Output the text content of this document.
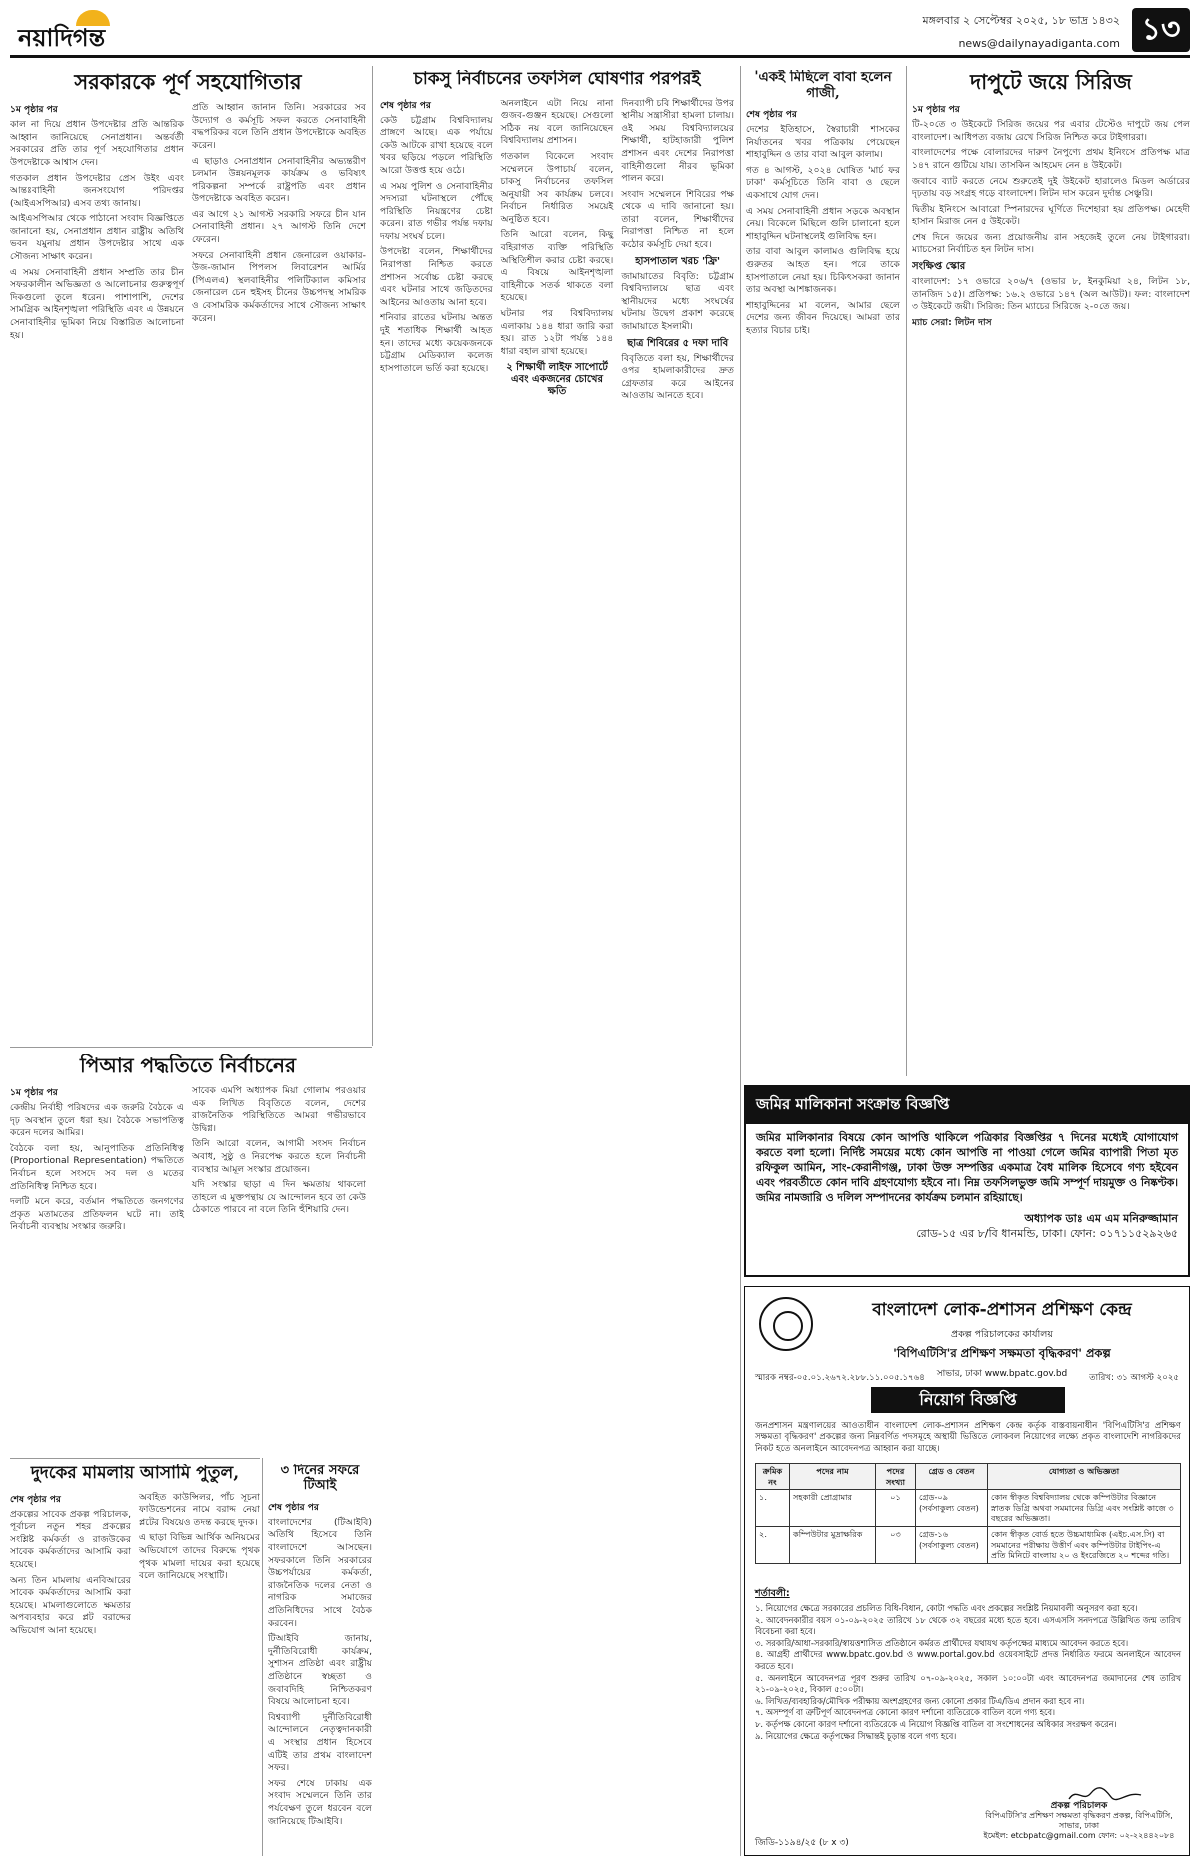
নয়াদিগন্ত
মঙ্গলবার ২ সেপ্টেম্বর ২০২৫, ১৮ ভাদ্র ১৪৩২
news@dailynayadiganta.com ১৩
সরকারকে পূর্ণ সহযোগিতার
১ম পৃষ্ঠার পর

কাল না দিয়ে প্রধান উপদেষ্টার প্রতি আন্তরিক আহ্বান জানিয়েছে সেনাপ্রধান। অন্তর্বর্তী সরকারের প্রতি তার পূর্ণ সহযোগিতার প্রধান উপদেষ্টাকে আশ্বাস দেন।

গতকাল প্রধান উপদেষ্টার প্রেস উইং এবং আন্তঃবাহিনী জনসংযোগ পরিদপ্তর (আইএসপিআর) এসব তথ্য জানায়।

আইএসপিআর থেকে পাঠানো সংবাদ বিজ্ঞপ্তিতে জানানো হয়, সেনাপ্রধান প্রধান রাষ্ট্রীয় অতিথি ভবন যমুনায় প্রধান উপদেষ্টার সাথে এক সৌজন্য সাক্ষাৎ করেন।

এ সময় সেনাবাহিনী প্রধান সম্প্রতি তার চীন সফরকালীন অভিজ্ঞতা ও আলোচনার গুরুত্বপূর্ণ দিকগুলো তুলে ধরেন। পাশাপাশি, দেশের সামগ্রিক আইনশৃঙ্খলা পরিস্থিতি এবং এ উন্নয়নে সেনাবাহিনীর ভূমিকা নিয়ে বিস্তারিত আলোচনা হয়।

প্রতি আহ্বান জানান তিনি। সরকারের সব উদ্যোগ ও কর্মসূচি সফল করতে সেনাবাহিনী বদ্ধপরিকর বলে তিনি প্রধান উপদেষ্টাকে অবহিত করেন।

এ ছাড়াও সেনাপ্রধান সেনাবাহিনীর অভ্যন্তরীণ চলমান উন্নয়নমূলক কার্যক্রম ও ভবিষ্যৎ পরিকল্পনা সম্পর্কে রাষ্ট্রপতি এবং প্রধান উপদেষ্টাকে অবহিত করেন।

এর আগে ২১ আগস্ট সরকারি সফরে চীন যান সেনাবাহিনী প্রধান। ২৭ আগস্ট তিনি দেশে ফেরেন।

সফরে সেনাবাহিনী প্রধান জেনারেল ওয়াকার-উজ-জামান পিপলস লিবারেশন আর্মির (পিএলএ) স্থলবাহিনীর পলিটিক্যাল কমিসার জেনারেল চেন হুইসহ চীনের উচ্চপদস্থ সামরিক ও বেসামরিক কর্মকর্তাদের সাথে সৌজন্য সাক্ষাৎ করেন।

চাকসু নির্বাচনের তফসিল ঘোষণার পরপরই
শেষ পৃষ্ঠার পর

কেউ চট্টগ্রাম বিশ্ববিদ্যালয় প্রাঙ্গণে আছে। এক পর্যায়ে কেউ আটকে রাখা হয়েছে বলে খবর ছড়িয়ে পড়লে পরিস্থিতি আরো উত্তপ্ত হয়ে ওঠে।

এ সময় পুলিশ ও সেনাবাহিনীর সদস্যরা ঘটনাস্থলে পৌঁছে পরিস্থিতি নিয়ন্ত্রণের চেষ্টা করেন। রাত গভীর পর্যন্ত দফায় দফায় সংঘর্ষ চলে।

উপদেষ্টা বলেন, শিক্ষার্থীদের নিরাপত্তা নিশ্চিত করতে প্রশাসন সর্বোচ্চ চেষ্টা করছে এবং ঘটনার সাথে জড়িতদের আইনের আওতায় আনা হবে।

শনিবার রাতের ঘটনায় অন্তত দুই শতাধিক শিক্ষার্থী আহত হন। তাদের মধ্যে কয়েকজনকে চট্টগ্রাম মেডিক্যাল কলেজ হাসপাতালে ভর্তি করা হয়েছে।

অনলাইনে এটা নিয়ে নানা গুজব-গুঞ্জন হয়েছে। সেগুলো সঠিক নয় বলে জানিয়েছেন বিশ্ববিদ্যালয় প্রশাসন।

গতকাল বিকেলে সংবাদ সম্মেলনে উপাচার্য বলেন, চাকসু নির্বাচনের তফসিল অনুযায়ী সব কার্যক্রম চলবে। নির্বাচন নির্ধারিত সময়েই অনুষ্ঠিত হবে।

তিনি আরো বলেন, কিছু বহিরাগত ব্যক্তি পরিস্থিতি অস্থিতিশীল করার চেষ্টা করছে। এ বিষয়ে আইনশৃঙ্খলা বাহিনীকে সতর্ক থাকতে বলা হয়েছে।

ঘটনার পর বিশ্ববিদ্যালয় এলাকায় ১৪৪ ধারা জারি করা হয়। রাত ১২টা পর্যন্ত ১৪৪ ধারা বহাল রাখা হয়েছে।

২ শিক্ষার্থী লাইফ সাপোর্টে এবং একজনের চোখের ক্ষতি

দিনব্যাপী চবি শিক্ষার্থীদের উপর স্থানীয় সন্ত্রাসীরা হামলা চালায়। ওই সময় বিশ্ববিদ্যালয়ের শিক্ষার্থী, হাটহাজারী পুলিশ প্রশাসন এবং দেশের নিরাপত্তা বাহিনীগুলো নীরব ভূমিকা পালন করে।

সংবাদ সম্মেলনে শিবিরের পক্ষ থেকে এ দাবি জানানো হয়। তারা বলেন, শিক্ষার্থীদের নিরাপত্তা নিশ্চিত না হলে কঠোর কর্মসূচি দেয়া হবে।

হাসপাতাল খরচ 'ফ্রি'

জামায়াতের বিবৃতি: চট্টগ্রাম বিশ্ববিদ্যালয়ে ছাত্র এবং স্থানীয়দের মধ্যে সংঘর্ষের ঘটনায় উদ্বেগ প্রকাশ করেছে জামায়াতে ইসলামী।

ছাত্র শিবিরের ৫ দফা দাবি

বিবৃতিতে বলা হয়, শিক্ষার্থীদের ওপর হামলাকারীদের দ্রুত গ্রেফতার করে আইনের আওতায় আনতে হবে।

'একই মিছিলে বাবা হলেন গাজী,
শেষ পৃষ্ঠার পর

দেশের ইতিহাসে, স্বৈরাচারী শাসকের নির্যাতনের খবর পত্রিকায় পেয়েছেন শাহাবুদ্দিন ও তার বাবা আবুল কালাম।

গত ৪ আগস্ট, ২০২৪ ঘোষিত 'মার্চ ফর ঢাকা' কর্মসূচিতে তিনি বাবা ও ছেলে একসাথে যোগ দেন।

এ সময় সেনাবাহিনী প্রধান সড়কে অবস্থান নেয়। বিকেলে মিছিলে গুলি চালানো হলে শাহাবুদ্দিন ঘটনাস্থলেই গুলিবিদ্ধ হন।

তার বাবা আবুল কালামও গুলিবিদ্ধ হয়ে গুরুতর আহত হন। পরে তাকে হাসপাতালে নেয়া হয়। চিকিৎসকরা জানান তার অবস্থা আশঙ্কাজনক।

শাহাবুদ্দিনের মা বলেন, আমার ছেলে দেশের জন্য জীবন দিয়েছে। আমরা তার হত্যার বিচার চাই।

দাপুটে জয়ে সিরিজ
১ম পৃষ্ঠার পর

টি-২০তে ৩ উইকেটে সিরিজ জয়ের পর এবার টেস্টেও দাপুটে জয় পেল বাংলাদেশ। আধিপত্য বজায় রেখে সিরিজ নিশ্চিত করে টাইগাররা।

বাংলাদেশের পক্ষে বোলারদের দারুণ নৈপুণ্যে প্রথম ইনিংসে প্রতিপক্ষ মাত্র ১৪৭ রানে গুটিয়ে যায়। তাসকিন আহমেদ নেন ৪ উইকেট।

জবাবে ব্যাট করতে নেমে শুরুতেই দুই উইকেট হারালেও মিডল অর্ডারের দৃঢ়তায় বড় সংগ্রহ গড়ে বাংলাদেশ। লিটন দাস করেন দুর্দান্ত সেঞ্চুরি।

দ্বিতীয় ইনিংসে আবারো স্পিনারদের ঘূর্ণিতে দিশেহারা হয় প্রতিপক্ষ। মেহেদী হাসান মিরাজ নেন ৫ উইকেট।

শেষ দিনে জয়ের জন্য প্রয়োজনীয় রান সহজেই তুলে নেয় টাইগাররা। ম্যাচসেরা নির্বাচিত হন লিটন দাস।

সংক্ষিপ্ত স্কোর

বাংলাদেশ: ১৭ ওভারে ২০৬/৭ (ওভার ৮, ইনকুমিয়া ২৪, লিটন ১৮, তানজিদ ১৫)। প্রতিপক্ষ: ১৬.২ ওভারে ১৪৭ (অল আউট)। ফল: বাংলাদেশ ৩ উইকেটে জয়ী। সিরিজ: তিন ম্যাচের সিরিজে ২-০তে জয়।

ম্যাচ সেরা: লিটন দাস

পিআর পদ্ধতিতে নির্বাচনের
১ম পৃষ্ঠার পর

কেন্দ্রীয় নির্বাহী পরিষদের এক জরুরি বৈঠকে এ দৃঢ় অবস্থান তুলে ধরা হয়। বৈঠকে সভাপতিত্ব করেন দলের আমির।

বৈঠকে বলা হয়, আনুপাতিক প্রতিনিধিত্ব (Proportional Representation) পদ্ধতিতে নির্বাচন হলে সংসদে সব দল ও মতের প্রতিনিধিত্ব নিশ্চিত হবে।

দলটি মনে করে, বর্তমান পদ্ধতিতে জনগণের প্রকৃত মতামতের প্রতিফলন ঘটে না। তাই নির্বাচনী ব্যবস্থায় সংস্কার জরুরি।

সাবেক এমপি অধ্যাপক মিয়া গোলাম পরওয়ার এক লিখিত বিবৃতিতে বলেন, দেশের রাজনৈতিক পরিস্থিতিতে আমরা গভীরভাবে উদ্বিগ্ন।

তিনি আরো বলেন, আগামী সংসদ নির্বাচন অবাধ, সুষ্ঠু ও নিরপেক্ষ করতে হলে নির্বাচনী ব্যবস্থার আমূল সংস্কার প্রয়োজন।

যদি সংস্কার ছাড়া এ দিন ক্ষমতায় থাকলো তাহলে এ মুক্তপন্থায় যে আন্দোলন হবে তা কেউ ঠেকাতে পারবে না বলে তিনি হুঁশিয়ারি দেন।

দুদকের মামলায় আসামি পুতুল,
শেষ পৃষ্ঠার পর

প্রকল্পের সাবেক প্রকল্প পরিচালক, পূর্বাচল নতুন শহর প্রকল্পের সংশ্লিষ্ট কর্মকর্তা ও রাজউকের সাবেক কর্মকর্তাদের আসামি করা হয়েছে।

অন্য তিন মামলায় এনবিআরের সাবেক কর্মকর্তাদের আসামি করা হয়েছে। মামলাগুলোতে ক্ষমতার অপব্যবহার করে প্লট বরাদ্দের অভিযোগ আনা হয়েছে।

অবহিত কাউন্সিলর, পাঁচ সূচনা ফাউন্ডেশনের নামে বরাদ্দ নেয়া প্লটের বিষয়েও তদন্ত করছে দুদক।

এ ছাড়া বিভিন্ন আর্থিক অনিয়মের অভিযোগে তাদের বিরুদ্ধে পৃথক পৃথক মামলা দায়ের করা হয়েছে বলে জানিয়েছে সংস্থাটি।

৩ দিনের সফরে টিআই
শেষ পৃষ্ঠার পর

বাংলাদেশের (টিআইবি) অতিথি হিসেবে তিনি বাংলাদেশে আসছেন। সফরকালে তিনি সরকারের উচ্চপর্যায়ের কর্মকর্তা, রাজনৈতিক দলের নেতা ও নাগরিক সমাজের প্রতিনিধিদের সাথে বৈঠক করবেন।

টিআইবি জানায়, দুর্নীতিবিরোধী কার্যক্রম, সুশাসন প্রতিষ্ঠা এবং রাষ্ট্রীয় প্রতিষ্ঠানে স্বচ্ছতা ও জবাবদিহি নিশ্চিতকরণ বিষয়ে আলোচনা হবে।

বিশ্বব্যাপী দুর্নীতিবিরোধী আন্দোলনে নেতৃত্বদানকারী এ সংস্থার প্রধান হিসেবে এটিই তার প্রথম বাংলাদেশ সফর।

সফর শেষে ঢাকায় এক সংবাদ সম্মেলনে তিনি তার পর্যবেক্ষণ তুলে ধরবেন বলে জানিয়েছে টিআইবি।

জমির মালিকানা সংক্রান্ত বিজ্ঞপ্তি
জমির মালিকানার বিষয়ে কোন আপত্তি থাকিলে পত্রিকার বিজ্ঞপ্তির ৭ দিনের মধ্যেই যোগাযোগ করতে বলা হলো। নির্দিষ্ট সময়ের মধ্যে কোন আপত্তি না পাওয়া গেলে জমির ব্যাপারী পিতা মৃত রফিকুল আমিন, সাং-কেরানীগঞ্জ, ঢাকা উক্ত সম্পত্তির একমাত্র বৈধ মালিক হিসেবে গণ্য হইবেন এবং পরবর্তীতে কোন দাবি গ্রহণযোগ্য হইবে না। নিম্ন তফসিলভুক্ত জমি সম্পূর্ণ দায়মুক্ত ও নিষ্কণ্টক। জমির নামজারি ও দলিল সম্পাদনের কার্যক্রম চলমান রহিয়াছে।
অধ্যাপক ডাঃ এম এম মনিরুজ্জামান
রোড-১৫ এর ৮/বি ধানমন্ডি, ঢাকা। ফোন: ০১৭১১৫২৯২৬৫
বাংলাদেশ লোক-প্রশাসন প্রশিক্ষণ কেন্দ্র
প্রকল্প পরিচালকের কার্যালয়
'বিপিএটিসি'র প্রশিক্ষণ সক্ষমতা বৃদ্ধিকরণ' প্রকল্প
সাভার, ঢাকা www.bpatc.gov.bd
স্মারক নম্বর-০৫.০১.২৬৭২.২৮৮.১১.০০৫.১৭৬৪	তারিখ: ৩১ আগস্ট ২০২৫
নিয়োগ বিজ্ঞপ্তি
জনপ্রশাসন মন্ত্রণালয়ের আওতাধীন বাংলাদেশ লোক-প্রশাসন প্রশিক্ষণ কেন্দ্র কর্তৃক বাস্তবায়নাধীন 'বিপিএটিসি'র প্রশিক্ষণ সক্ষমতা বৃদ্ধিকরণ' প্রকল্পের জন্য নিম্নবর্ণিত পদসমূহে অস্থায়ী ভিত্তিতে লোকবল নিয়োগের লক্ষ্যে প্রকৃত বাংলাদেশি নাগরিকদের নিকট হতে অনলাইনে আবেদনপত্র আহ্বান করা যাচ্ছে।
ক্রমিক নং	পদের নাম	পদের সংখ্যা	গ্রেড ও বেতন	যোগ্যতা ও অভিজ্ঞতা
১.	সহকারী প্রোগ্রামার	০১	গ্রেড-০৯ (সর্বসাকুল্য বেতন)	কোন স্বীকৃত বিশ্ববিদ্যালয় থেকে কম্পিউটার বিজ্ঞানে স্নাতক ডিগ্রি অথবা সমমানের ডিগ্রি এবং সংশ্লিষ্ট কাজে ৩ বছরের অভিজ্ঞতা।
২.	কম্পিউটার মুদ্রাক্ষরিক	০৩	গ্রেড-১৬ (সর্বসাকুল্য বেতন)	কোন স্বীকৃত বোর্ড হতে উচ্চমাধ্যমিক (এইচ.এস.সি) বা সমমানের পরীক্ষায় উত্তীর্ণ এবং কম্পিউটার টাইপিং-এ প্রতি মিনিটে বাংলায় ২০ ও ইংরেজিতে ২০ শব্দের গতি।
শর্তাবলী:
১. নিয়োগের ক্ষেত্রে সরকারের প্রচলিত বিধি-বিধান, কোটা পদ্ধতি এবং প্রকল্পের সংশ্লিষ্ট নিয়মাবলী অনুসরণ করা হবে।
২. আবেদনকারীর বয়স ০১-০৯-২০২৫ তারিখে ১৮ থেকে ৩২ বছরের মধ্যে হতে হবে। এসএসসি সনদপত্রে উল্লিখিত জন্ম তারিখ বিবেচনা করা হবে।
৩. সরকারি/আধা-সরকারি/স্বায়ত্তশাসিত প্রতিষ্ঠানে কর্মরত প্রার্থীদের যথাযথ কর্তৃপক্ষের মাধ্যমে আবেদন করতে হবে।
৪. আগ্রহী প্রার্থীদের www.bpatc.gov.bd ও www.portal.gov.bd ওয়েবসাইটে প্রদত্ত নির্ধারিত ফরমে অনলাইনে আবেদন করতে হবে।
৫. অনলাইনে আবেদনপত্র পূরণ শুরুর তারিখ ০৭-০৯-২০২৫, সকাল ১০:০০টা এবং আবেদনপত্র জমাদানের শেষ তারিখ ২১-০৯-২০২৫, বিকাল ৫:০০টা।
৬. লিখিত/ব্যবহারিক/মৌখিক পরীক্ষায় অংশগ্রহণের জন্য কোনো প্রকার টিএ/ডিএ প্রদান করা হবে না।
৭. অসম্পূর্ণ বা ত্রুটিপূর্ণ আবেদনপত্র কোনো কারণ দর্শানো ব্যতিরেকে বাতিল বলে গণ্য হবে।
৮. কর্তৃপক্ষ কোনো কারণ দর্শানো ব্যতিরেকে এ নিয়োগ বিজ্ঞপ্তি বাতিল বা সংশোধনের অধিকার সংরক্ষণ করেন।
৯. নিয়োগের ক্ষেত্রে কর্তৃপক্ষের সিদ্ধান্তই চূড়ান্ত বলে গণ্য হবে।
প্রকল্প পরিচালক
বিপিএটিসি'র প্রশিক্ষণ সক্ষমতা বৃদ্ধিকরণ প্রকল্প, বিপিএটিসি, সাভার, ঢাকা
ইমেইল: etcbpatc@gmail.com ফোন: ০২-২২৪৪২০৮৪
জিডি-১১৯৪/২৫ (৮ x ৩)
